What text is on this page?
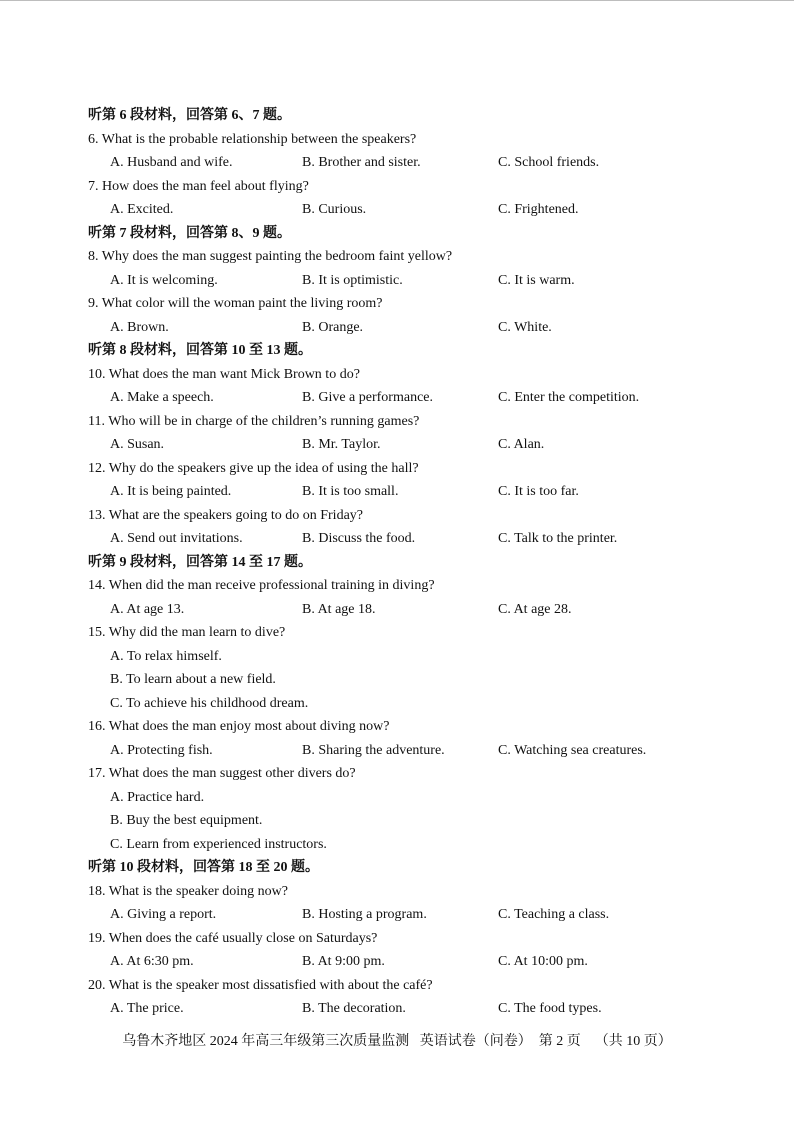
听第 6 段材料，回答第 6、7 题。
6. What is the probable relationship between the speakers?
A. Husband and wife.	B. Brother and sister.	C. School friends.
7. How does the man feel about flying?
A. Excited.	B. Curious.	C. Frightened.
听第 7 段材料，回答第 8、9 题。
8. Why does the man suggest painting the bedroom faint yellow?
A. It is welcoming.	B. It is optimistic.	C. It is warm.
9. What color will the woman paint the living room?
A. Brown.	B. Orange.	C. White.
听第 8 段材料，回答第 10 至 13 题。
10. What does the man want Mick Brown to do?
A. Make a speech.	B. Give a performance.	C. Enter the competition.
11. Who will be in charge of the children’s running games?
A. Susan.	B. Mr. Taylor.	C. Alan.
12. Why do the speakers give up the idea of using the hall?
A. It is being painted.	B. It is too small.	C. It is too far.
13. What are the speakers going to do on Friday?
A. Send out invitations.	B. Discuss the food.	C. Talk to the printer.
听第 9 段材料，回答第 14 至 17 题。
14. When did the man receive professional training in diving?
A. At age 13.	B. At age 18.	C. At age 28.
15. Why did the man learn to dive?
A. To relax himself.
B. To learn about a new field.
C. To achieve his childhood dream.
16. What does the man enjoy most about diving now?
A. Protecting fish.	B. Sharing the adventure.	C. Watching sea creatures.
17. What does the man suggest other divers do?
A. Practice hard.
B. Buy the best equipment.
C. Learn from experienced instructors.
听第 10 段材料，回答第 18 至 20 题。
18. What is the speaker doing now?
A. Giving a report.	B. Hosting a program.	C. Teaching a class.
19. When does the café usually close on Saturdays?
A. At 6:30 pm.	B. At 9:00 pm.	C. At 10:00 pm.
20. What is the speaker most dissatisfied with about the café?
A. The price.	B. The decoration.	C. The food types.
乌鲁木齐地区 2024 年高三年级第三次质量监测   英语试卷（问卷）  第 2 页    （共 10 页）
